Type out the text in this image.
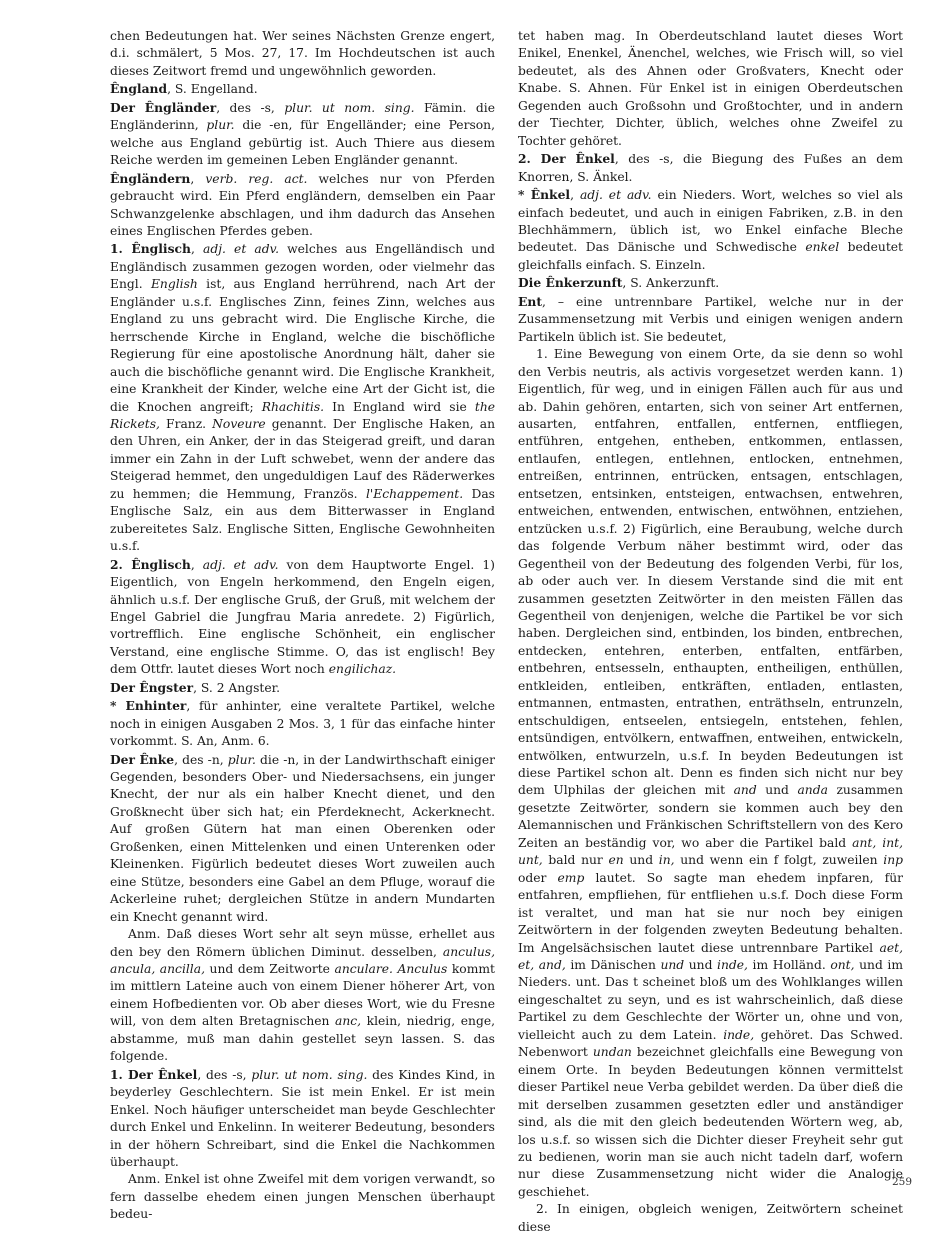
chen Bedeutungen hat. Wer seines Nächsten Grenze engert, d.i. schmälert, 5 Mos. 27, 17. Im Hochdeutschen ist auch dieses Zeitwort fremd und ungewöhnlich geworden.

Êngland, S. Engelland.

Der Êngländer, des -s, plur. ut nom. sing. Fämin. die Engländerinn, plur. die -en, für Engelländer; eine Person, welche aus England gebürtig ist. Auch Thiere aus diesem Reiche werden im gemeinen Leben Engländer genannt.

Êngländern, verb. reg. act. welches nur von Pferden gebraucht wird. Ein Pferd engländern, demselben ein Paar Schwanzgelenke abschlagen, und ihm dadurch das Ansehen eines Englischen Pferdes geben.

1. Ênglisch, adj. et adv. welches aus Engelländisch und Engländisch zusammen gezogen worden, oder vielmehr das Engl. English ist, aus England herrührend, nach Art der Engländer u.s.f. Englisches Zinn, feines Zinn, welches aus England zu uns gebracht wird. Die Englische Kirche, die herrschende Kirche in England, welche die bischöfliche Regierung für eine apostolische Anordnung hält, daher sie auch die bischöfliche genannt wird. Die Englische Krankheit, eine Krankheit der Kinder, welche eine Art der Gicht ist, die die Knochen angreift; Rhachitis. In England wird sie the Rickets, Franz. Noveure genannt. Der Englische Haken, an den Uhren, ein Anker, der in das Steigerad greift, und daran immer ein Zahn in der Luft schwebet, wenn der andere das Steigerad hemmet, den ungeduldigen Lauf des Räderwerkes zu hemmen; die Hemmung, Französ. l'Echappement. Das Englische Salz, ein aus dem Bitterwasser in England zubereitetes Salz. Englische Sitten, Englische Gewohnheiten u.s.f.

2. Ênglisch, adj. et adv. von dem Hauptworte Engel. 1) Eigentlich, von Engeln herkommend, den Engeln eigen, ähnlich u.s.f. Der englische Gruß, der Gruß, mit welchem der Engel Gabriel die Jungfrau Maria anredete. 2) Figürlich, vortrefflich. Eine englische Schönheit, ein englischer Verstand, eine englische Stimme. O, das ist englisch! Bey dem Ottfr. lautet dieses Wort noch engilichaz.

Der Êngster, S. 2 Angster.

* Enhinter, für anhinter, eine veraltete Partikel, welche noch in einigen Ausgaben 2 Mos. 3, 1 für das einfache hinter vorkommt. S. An, Anm. 6.

Der Ênke, des -n, plur. die -n, in der Landwirthschaft einiger Gegenden, besonders Ober- und Niedersachsens, ein junger Knecht, der nur als ein halber Knecht dienet, und den Großknecht über sich hat; ein Pferdeknecht, Ackerknecht. Auf großen Gütern hat man einen Oberenken oder Großenken, einen Mittelenken und einen Unterenken oder Kleinenken. Figürlich bedeutet dieses Wort zuweilen auch eine Stütze, besonders eine Gabel an dem Pfluge, worauf die Ackerleine ruhet; dergleichen Stütze in andern Mundarten ein Knecht genannt wird.

Anm. Daß dieses Wort sehr alt seyn müsse, erhellet aus den bey den Römern üblichen Diminut. desselben, anculus, ancula, ancilla, und dem Zeitworte anculare. Anculus kommt im mittlern Lateine auch von einem Diener höherer Art, von einem Hofbedienten vor. Ob aber dieses Wort, wie du Fresne will, von dem alten Bretagnischen anc, klein, niedrig, enge, abstamme, muß man dahin gestellet seyn lassen. S. das folgende.

1. Der Ênkel, des -s, plur. ut nom. sing. des Kindes Kind, in beyderley Geschlechtern. Sie ist mein Enkel. Er ist mein Enkel. Noch häufiger unterscheidet man beyde Geschlechter durch Enkel und Enkelinn. In weiterer Bedeutung, besonders in der höhern Schreibart, sind die Enkel die Nachkommen überhaupt.

Anm. Enkel ist ohne Zweifel mit dem vorigen verwandt, so fern dasselbe ehedem einen jungen Menschen überhaupt bedeu-

tet haben mag. In Oberdeutschland lautet dieses Wort Enikel, Enenkel, Änenchel, welches, wie Frisch will, so viel bedeutet, als des Ahnen oder Großvaters, Knecht oder Knabe. S. Ahnen. Für Enkel ist in einigen Oberdeutschen Gegenden auch Großsohn und Großtochter, und in andern der Tiechter, Dichter, üblich, welches ohne Zweifel zu Tochter gehöret.

2. Der Ênkel, des -s, die Biegung des Fußes an dem Knorren, S. Änkel.

* Ênkel, adj. et adv. ein Nieders. Wort, welches so viel als einfach bedeutet, und auch in einigen Fabriken, z.B. in den Blechhämmern, üblich ist, wo Enkel einfache Bleche bedeutet. Das Dänische und Schwedische enkel bedeutet gleichfalls einfach. S. Einzeln.

Die Ênkerzunft, S. Ankerzunft.

Ent, – eine untrennbare Partikel, welche nur in der Zusammensetzung mit Verbis und einigen wenigen andern Partikeln üblich ist. Sie bedeutet,

1. Eine Bewegung von einem Orte, da sie denn so wohl den Verbis neutris, als activis vorgesetzet werden kann. 1) Eigentlich, für weg, und in einigen Fällen auch für aus und ab. Dahin gehören, entarten, sich von seiner Art entfernen, ausarten, entfahren, entfallen, entfernen, entfliegen, entführen, entgehen, entheben, entkommen, entlassen, entlaufen, entlegen, entlehnen, entlocken, entnehmen, entreißen, entrinnen, entrücken, entsagen, entschlagen, entsetzen, entsinken, entsteigen, entwachsen, entwehren, entweichen, entwenden, entwischen, entwöhnen, entziehen, entzücken u.s.f. 2) Figürlich, eine Beraubung, welche durch das folgende Verbum näher bestimmt wird, oder das Gegentheil von der Bedeutung des folgenden Verbi, für los, ab oder auch ver. In diesem Verstande sind die mit ent zusammen gesetzten Zeitwörter in den meisten Fällen das Gegentheil von denjenigen, welche die Partikel be vor sich haben. Dergleichen sind, entbinden, los binden, entbrechen, entdecken, entehren, enterben, entfalten, entfärben, entbehren, entsesseln, enthaupten, entheiligen, enthüllen, entkleiden, entleiben, entkräften, entladen, entlasten, entmannen, entmasten, entrathen, enträthseln, entrunzeln, entschuldigen, entseelen, entsiegeln, entstehen, fehlen, entsündigen, entvölkern, entwaffnen, entweihen, entwickeln, entwölken, entwurzeln, u.s.f. In beyden Bedeutungen ist diese Partikel schon alt. Denn es finden sich nicht nur bey dem Ulphilas der gleichen mit and und anda zusammen gesetzte Zeitwörter, sondern sie kommen auch bey den Alemannischen und Fränkischen Schriftstellern von des Kero Zeiten an beständig vor, wo aber die Partikel bald ant, int, unt, bald nur en und in, und wenn ein f folgt, zuweilen inp oder emp lautet. So sagte man ehedem inpfaren, für entfahren, empfliehen, für entfliehen u.s.f. Doch diese Form ist veraltet, und man hat sie nur noch bey einigen Zeitwörtern in der folgenden zweyten Bedeutung behalten. Im Angelsächsischen lautet diese untrennbare Partikel aet, et, and, im Dänischen und und inde, im Holländ. ont, und im Nieders. unt. Das t scheinet bloß um des Wohlklanges willen eingeschaltet zu seyn, und es ist wahrscheinlich, daß diese Partikel zu dem Geschlechte der Wörter un, ohne und von, vielleicht auch zu dem Latein. inde, gehöret. Das Schwed. Nebenwort undan bezeichnet gleichfalls eine Bewegung von einem Orte. In beyden Bedeutungen können vermittelst dieser Partikel neue Verba gebildet werden. Da über dieß die mit derselben zusammen gesetzten edler und anständiger sind, als die mit den gleich bedeutenden Wörtern weg, ab, los u.s.f. so wissen sich die Dichter dieser Freyheit sehr gut zu bedienen, worin man sie auch nicht tadeln darf, wofern nur diese Zusammensetzung nicht wider die Analogie geschiehet.

2. In einigen, obgleich wenigen, Zeitwörtern scheinet diese

259
